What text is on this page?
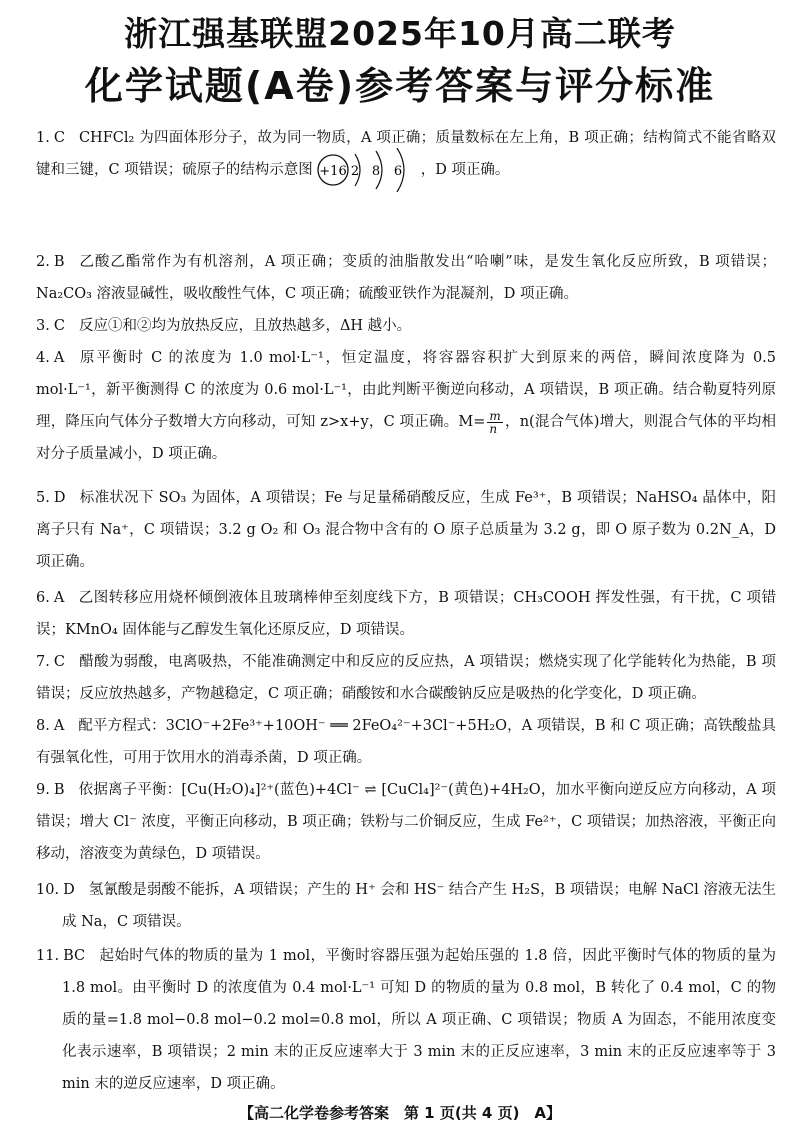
浙江强基联盟2025年10月高二联考
化学试题(A卷)参考答案与评分标准
1. C CHFCl₂ 为四面体形分子，故为同一物质，A 项正确；质量数标在左上角，B 项正确；结构简式不能省略双键和三键，C 项错误；硫原子的结构示意图 +16 2 8 6 ，D 项正确。
2. B 乙酸乙酯常作为有机溶剂，A 项正确；变质的油脂散发出“哈喇”味，是发生氧化反应所致，B 项错误；Na₂CO₃ 溶液显碱性，吸收酸性气体，C 项正确；硫酸亚铁作为混凝剂，D 项正确。
3. C 反应①和②均为放热反应，且放热越多，ΔH 越小。
4. A 原平衡时 C 的浓度为 1.0 mol·L⁻¹，恒定温度，将容器容积扩大到原来的两倍，瞬间浓度降为 0.5 mol·L⁻¹，新平衡测得 C 的浓度为 0.6 mol·L⁻¹，由此判断平衡逆向移动，A 项错误，B 项正确。结合勒夏特列原理，降压向气体分子数增大方向移动，可知 z>x+y，C 项正确。$M= \frac{m}{n}$ ，n(混合气体)增大，则混合气体的平均相对分子质量减小，D 项正确。
5. D 标准状况下 SO₃ 为固体，A 项错误；Fe 与足量稀硝酸反应，生成 Fe³⁺，B 项错误；NaHSO₄ 晶体中，阳离子只有 Na⁺，C 项错误；3.2 g O₂ 和 O₃ 混合物中含有的 O 原子总质量为 3.2 g，即 O 原子数为 0.2N_A，D 项正确。
6. A 乙图转移应用烧杯倾倒液体且玻璃棒伸至刻度线下方，B 项错误；CH₃COOH 挥发性强，有干扰，C 项错误；KMnO₄ 固体能与乙醇发生氧化还原反应，D 项错误。
7. C 醋酸为弱酸，电离吸热，不能准确测定中和反应的反应热，A 项错误；燃烧实现了化学能转化为热能，B 项错误；反应放热越多，产物越稳定，C 项正确；硝酸铵和水合碳酸钠反应是吸热的化学变化，D 项正确。
8. A 配平方程式：3ClO⁻+2Fe³⁺+10OH⁻ ══ 2FeO₄²⁻+3Cl⁻+5H₂O，A 项错误，B 和 C 项正确；高铁酸盐具有强氧化性，可用于饮用水的消毒杀菌，D 项正确。
9. B 依据离子平衡：[Cu(H₂O)₄]²⁺(蓝色)+4Cl⁻ ⇌ [CuCl₄]²⁻(黄色)+4H₂O，加水平衡向逆反应方向移动，A 项错误；增大 Cl⁻ 浓度，平衡正向移动，B 项正确；铁粉与二价铜反应，生成 Fe²⁺，C 项错误；加热溶液，平衡正向移动，溶液变为黄绿色，D 项错误。
10. D 氢氰酸是弱酸不能拆，A 项错误；产生的 H⁺ 会和 HS⁻ 结合产生 H₂S，B 项错误；电解 NaCl 溶液无法生成 Na，C 项错误。
11. BC 起始时气体的物质的量为 1 mol，平衡时容器压强为起始压强的 1.8 倍，因此平衡时气体的物质的量为 1.8 mol。由平衡时 D 的浓度值为 0.4 mol·L⁻¹ 可知 D 的物质的量为 0.8 mol，B 转化了 0.4 mol，C 的物质的量=1.8 mol−0.8 mol−0.2 mol=0.8 mol，所以 A 项正确、C 项错误；物质 A 为固态，不能用浓度变化表示速率，B 项错误；2 min 末的正反应速率大于 3 min 末的正反应速率，3 min 末的正反应速率等于 3 min 末的逆反应速率，D 项正确。
【高二化学卷参考答案　第 1 页(共 4 页)　A】
